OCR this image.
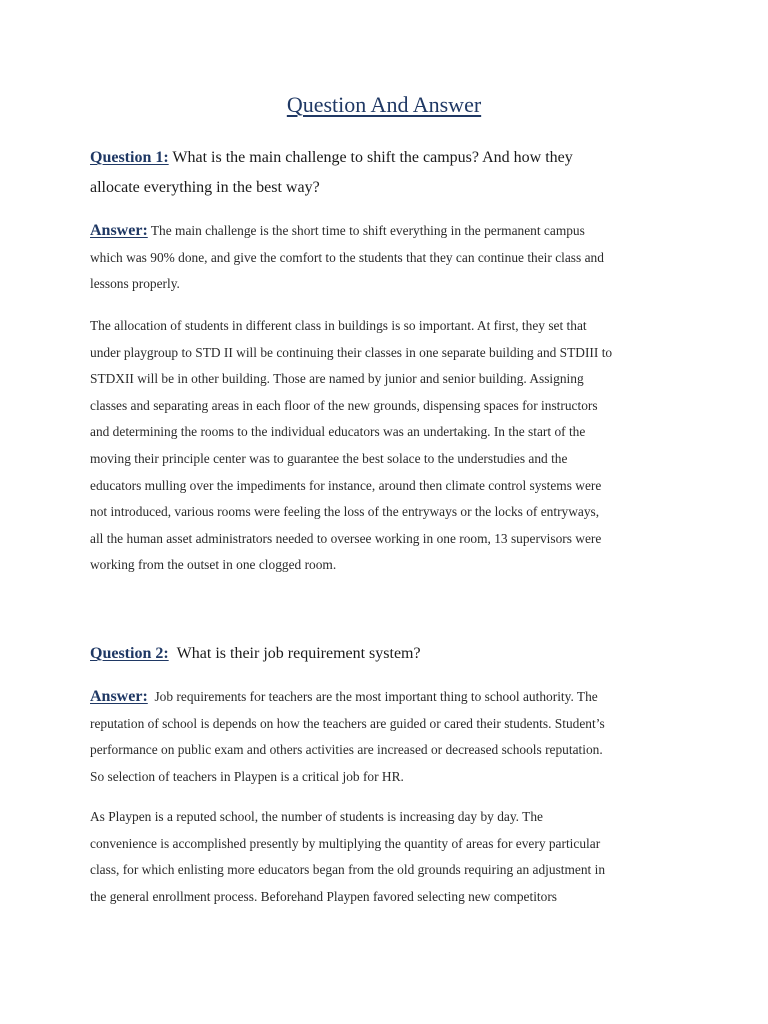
Question And Answer
Question 1: What is the main challenge to shift the campus? And how they
allocate everything in the best way?
Answer: The main challenge is the short time to shift everything in the permanent campus
which was 90% done, and give the comfort to the students that they can continue their class and
lessons properly.
The allocation of students in different class in buildings is so important. At first, they set that
under playgroup to STD II will be continuing their classes in one separate building and STDIII to
STDXII will be in other building. Those are named by junior and senior building. Assigning
classes and separating areas in each floor of the new grounds, dispensing spaces for instructors
and determining the rooms to the individual educators was an undertaking. In the start of the
moving their principle center was to guarantee the best solace to the understudies and the
educators mulling over the impediments for instance, around then climate control systems were
not introduced, various rooms were feeling the loss of the entryways or the locks of entryways,
all the human asset administrators needed to oversee working in one room, 13 supervisors were
working from the outset in one clogged room.
Question 2: What is their job requirement system?
Answer: Job requirements for teachers are the most important thing to school authority. The
reputation of school is depends on how the teachers are guided or cared their students. Student’s
performance on public exam and others activities are increased or decreased schools reputation.
So selection of teachers in Playpen is a critical job for HR.
As Playpen is a reputed school, the number of students is increasing day by day. The
convenience is accomplished presently by multiplying the quantity of areas for every particular
class, for which enlisting more educators began from the old grounds requiring an adjustment in
the general enrollment process. Beforehand Playpen favored selecting new competitors
